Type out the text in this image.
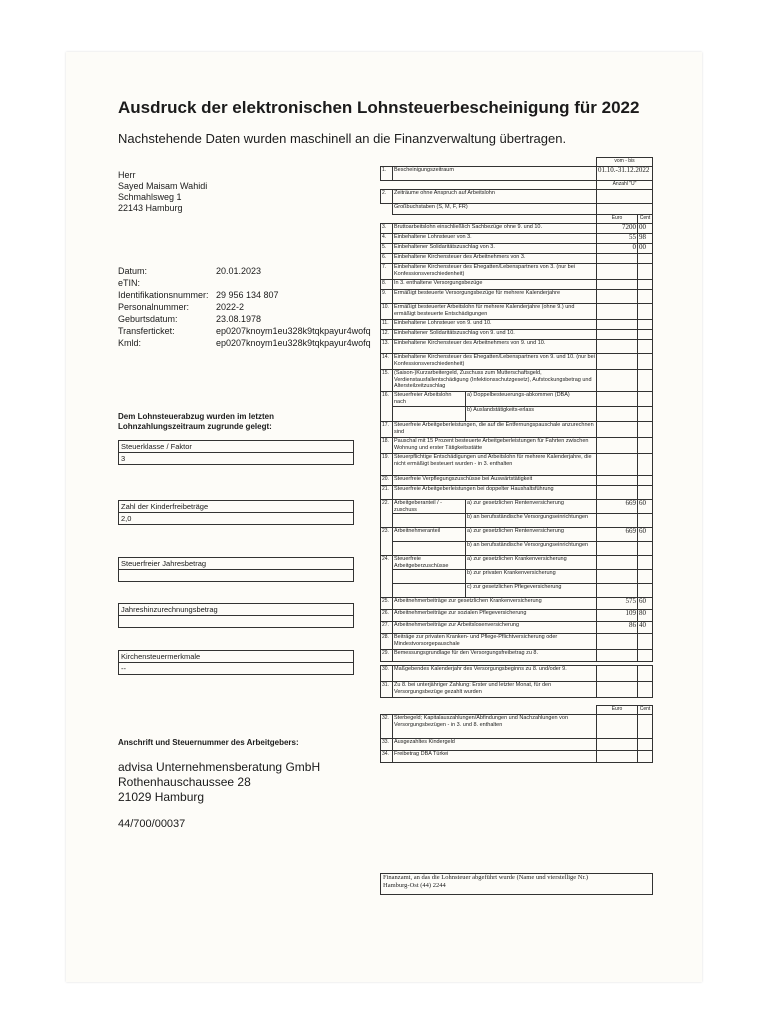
Ausdruck der elektronischen Lohnsteuerbescheinigung für 2022
Nachstehende Daten wurden maschinell an die Finanzverwaltung übertragen.
Herr
Sayed Maisam Wahidi
Schmahlsweg 1
22143 Hamburg
Datum:	20.01.2023
eTIN:
Identifikationsnummer: 29 956 134 807
Personalnummer:	2022-2
Geburtsdatum:	23.08.1978
Transferticket:	ep0207knoym1eu328k9tqkpayur4wofq
Kmld:	ep0207knoym1eu328k9tqkpayur4wofq
Dem Lohnsteuerabzug wurden im letzten Lohnzahlungszeitraum zugrunde gelegt:
Steuerklasse / Faktor
3
Zahl der Kinderfreibeträge
2,0
Steuerfreier Jahresbetrag
Jahreshinzurechnungsbetrag
Kirchensteuermerkmale
--
Anschrift und Steuernummer des Arbeitgebers:
advisa Unternehmensberatung GmbH
Rothenhauschaussee 28
21029 Hamburg
44/700/00037
		vom - bis	
1.	Bescheinigungszeitraum	01.10.-31.12.2022	
		Anzahl "U"	
2.	Zeiträume ohne Anspruch auf Arbeitslohn		
	Großbuchstaben (S, M, F, FR)		
		Euro	Cent
3.	Bruttoarbeitslohn einschließlich Sachbezüge ohne 9. und 10.	7200	00
4.	Einbehaltene Lohnsteuer von 3.	55	98
5.	Einbehaltener Solidaritätszuschlag von 3.	0	00
6.	Einbehaltene Kirchensteuer des Arbeitnehmers von 3.		
7.	Einbehaltene Kirchensteuer des Ehegatten/Lebenspartners von 3. (nur bei Konfessionsverschiedenheit)		
8.	In 3. enthaltene Versorgungsbezüge		
9.	Ermäßigt besteuerte Versorgungsbezüge für mehrere Kalenderjahre		
10.	Ermäßigt besteuerter Arbeitslohn für mehrere Kalenderjahre (ohne 9.) und ermäßigt besteuerte Entschädigungen		
11.	Einbehaltene Lohnsteuer von 9. und 10.		
12.	Einbehaltener Solidaritätszuschlag von 9. und 10.		
13.	Einbehaltene Kirchensteuer des Arbeitnehmers von 9. und 10.		
14.	Einbehaltene Kirchensteuer des Ehegatten/Lebenspartners von 9. und 10. (nur bei Konfessionsverschiedenheit)		
15.	(Saison-)Kurzarbeitergeld, Zuschuss zum Mutterschaftsgeld, Verdienstausfallentschädigung (Infektionsschutzgesetz), Aufstockungsbetrag und Altersteilzeitzuschlag		
16.	Steuerfreier Arbeitslohn nach
a) Doppelbesteuerungs-abkommen (DBA)		

	b) Auslandstätigkeits-erlass		

17.	Steuerfreie Arbeitgeberleistungen, die auf die Entfernungspauschale anzurechnen sind		
18.	Pauschal mit 15 Prozent besteuerte Arbeitgeberleistungen für Fahrten zwischen Wohnung und erster Tätigkeitsstätte		
19.	Steuerpflichtige Entschädigungen und Arbeitslohn für mehrere Kalenderjahre, die nicht ermäßigt besteuert wurden - in 3. enthalten		
20.	Steuerfreie Verpflegungszuschüsse bei Auswärtstätigkeit		
21.	Steuerfreie Arbeitgeberleistungen bei doppelter Haushaltsführung		
22.	Arbeitgeberanteil / -zuschuss
a) zur gesetzlichen Rentenversicherung	669	60

	b) an berufsständische Versorgungseinrichtungen		

23.	Arbeitnehmeranteil a) zur gesetzlichen Rentenversicherung	669	60

	b) an berufsständische Versorgungseinrichtungen		

24.	Steuerfreie Arbeitgeberzuschüsse
a) zur gesetzlichen Krankenversicherung		

	b) zur privaten Krankenversicherung		

	c) zur gesetzlichen Pflegeversicherung		

25.	Arbeitnehmerbeiträge zur gesetzlichen Krankenversicherung	575	60
26.	Arbeitnehmerbeiträge zur sozialen Pflegeversicherung	109	80
27.	Arbeitnehmerbeiträge zur Arbeitslosenversicherung	86	40
28.	Beiträge zur privaten Kranken- und Pflege-Pflichtversicherung oder Mindestvorsorgepauschale		
29.	Bemessungsgrundlage für den Versorgungsfreibetrag zu 8.		

30.	Maßgebendes Kalenderjahr des Versorgungsbeginns zu 8. und/oder 9.		
31.	Zu 8. bei unterjähriger Zahlung: Erster und letzter Monat, für den Versorgungsbezüge gezahlt wurden		

		Euro	Cent
32.	Sterbegeld; Kapitalauszahlungen/Abfindungen und Nachzahlungen von Versorgungsbezügen - in 3. und 8. enthalten		
33.	Ausgezahltes Kindergeld		
34.	Freibetrag DBA Türkei		
Finanzamt, an das die Lohnsteuer abgeführt wurde (Name und vierstellige Nr.)
Hamburg-Ost (44) 2244
